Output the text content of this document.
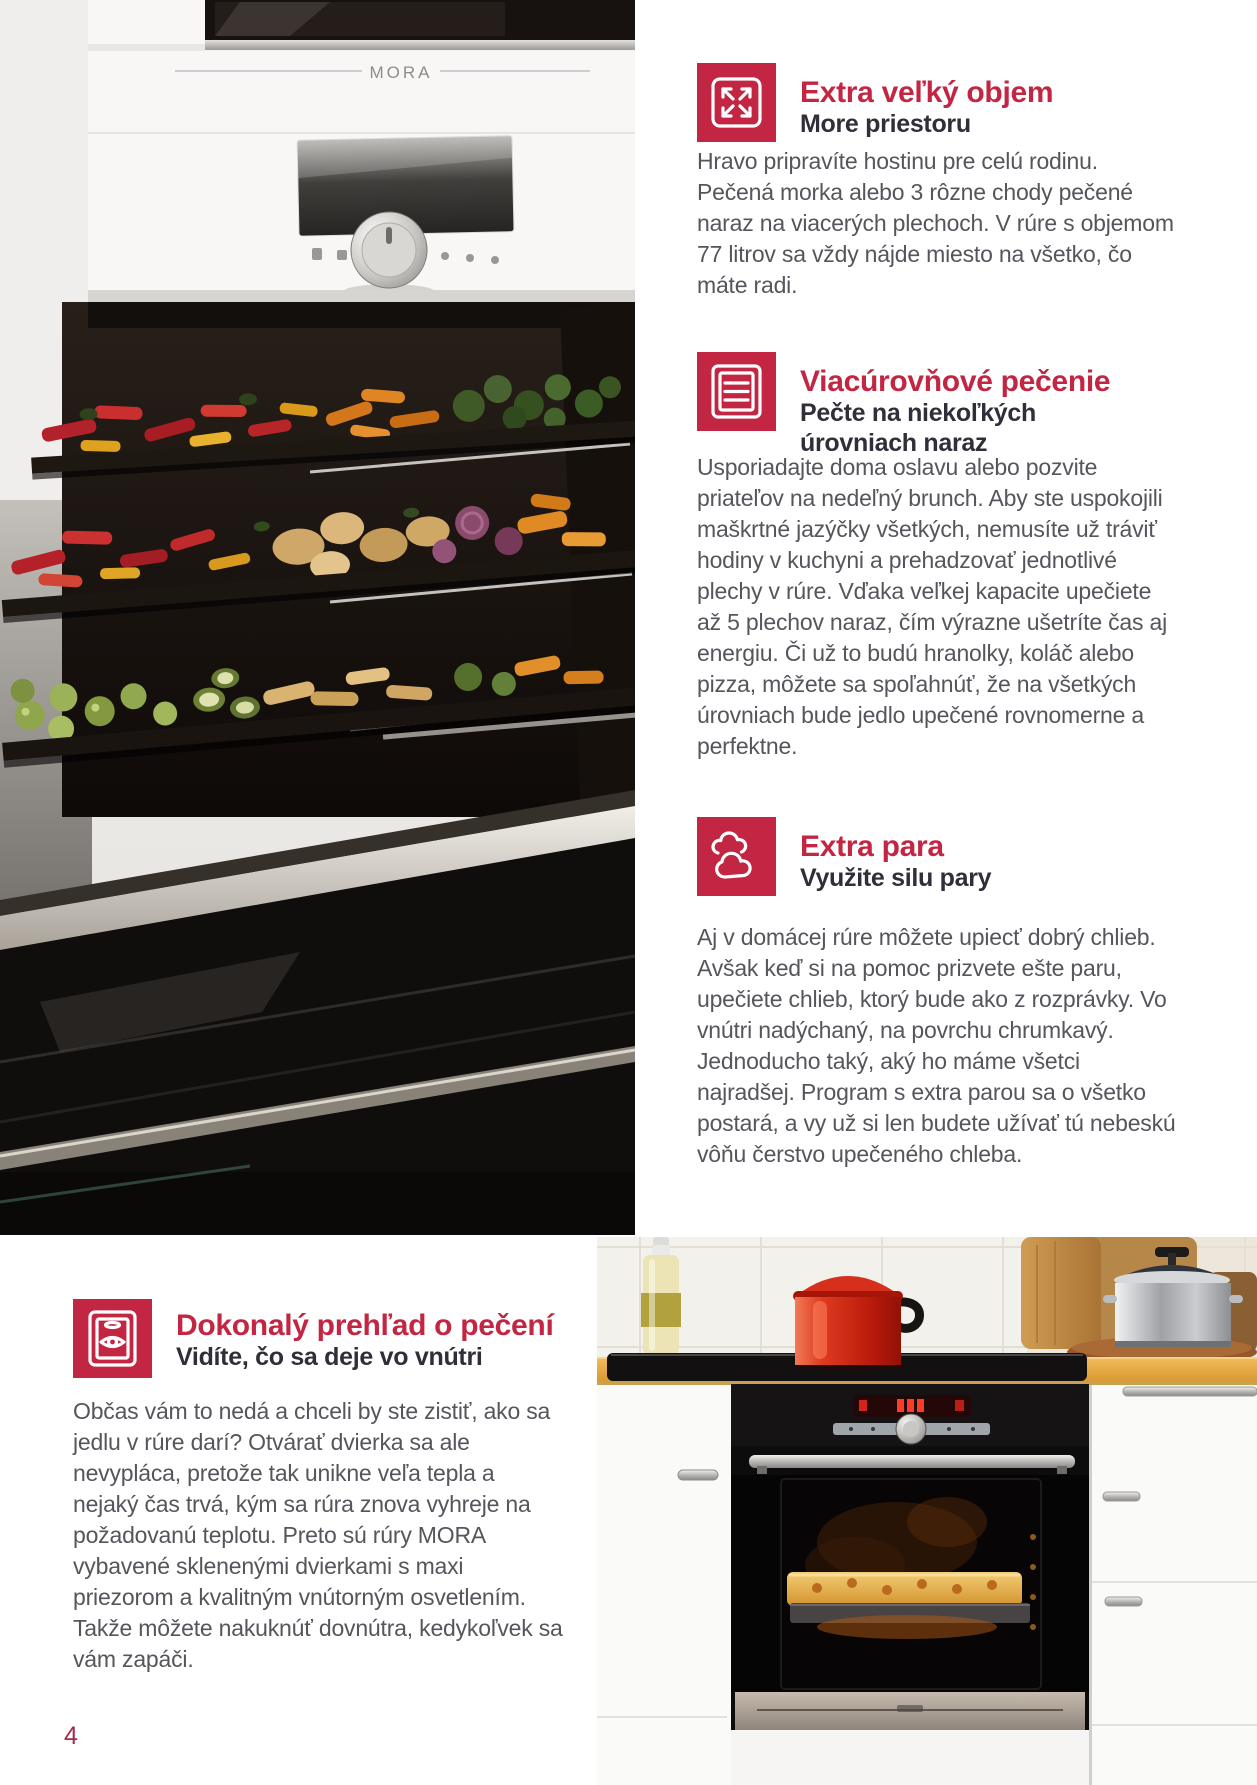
MORA
Extra veľký objem
More priestoru
Hravo pripravíte hostinu pre celú rodinu. Pečená morka alebo 3 rôzne chody pečené naraz na viacerých plechoch. V rúre s objemom 77 litrov sa vždy nájde miesto na všetko, čo máte radi.
Viacúrovňové pečenie
Pečte na niekoľkých úrovniach naraz
Usporiadajte doma oslavu alebo pozvite priateľov na nedeľný brunch. Aby ste uspokojili maškrtné jazýčky všetkých, nemusíte už tráviť hodiny v kuchyni a prehadzovať jednotlivé plechy v rúre. Vďaka veľkej kapacite upečiete až 5 plechov naraz, čím výrazne ušetríte čas aj energiu. Či už to budú hranolky, koláč alebo pizza, môžete sa spoľahnúť, že na všetkých úrovniach bude jedlo upečené rovnomerne a perfektne.
Extra para
Využite silu pary
Aj v domácej rúre môžete upiecť dobrý chlieb. Avšak keď si na pomoc prizvete ešte paru, upečiete chlieb, ktorý bude ako z rozprávky. Vo vnútri nadýchaný, na povrchu chrumkavý. Jednoducho taký, aký ho máme všetci najradšej. Program s extra parou sa o všetko postará, a vy už si len budete užívať tú nebeskú vôňu čerstvo upečeného chleba.
Dokonalý prehľad o pečení
Vidíte, čo sa deje vo vnútri
Občas vám to nedá a chceli by ste zistiť, ako sa jedlu v rúre darí? Otvárať dvierka sa ale nevypláca, pretože tak unikne veľa tepla a nejaký čas trvá, kým sa rúra znova vyhreje na požadovanú teplotu. Preto sú rúry MORA vybavené sklenenými dvierkami s maxi priezorom a kvalitným vnútorným osvetlením. Takže môžete nakuknúť dovnútra, kedykoľvek sa vám zapáči.
4
